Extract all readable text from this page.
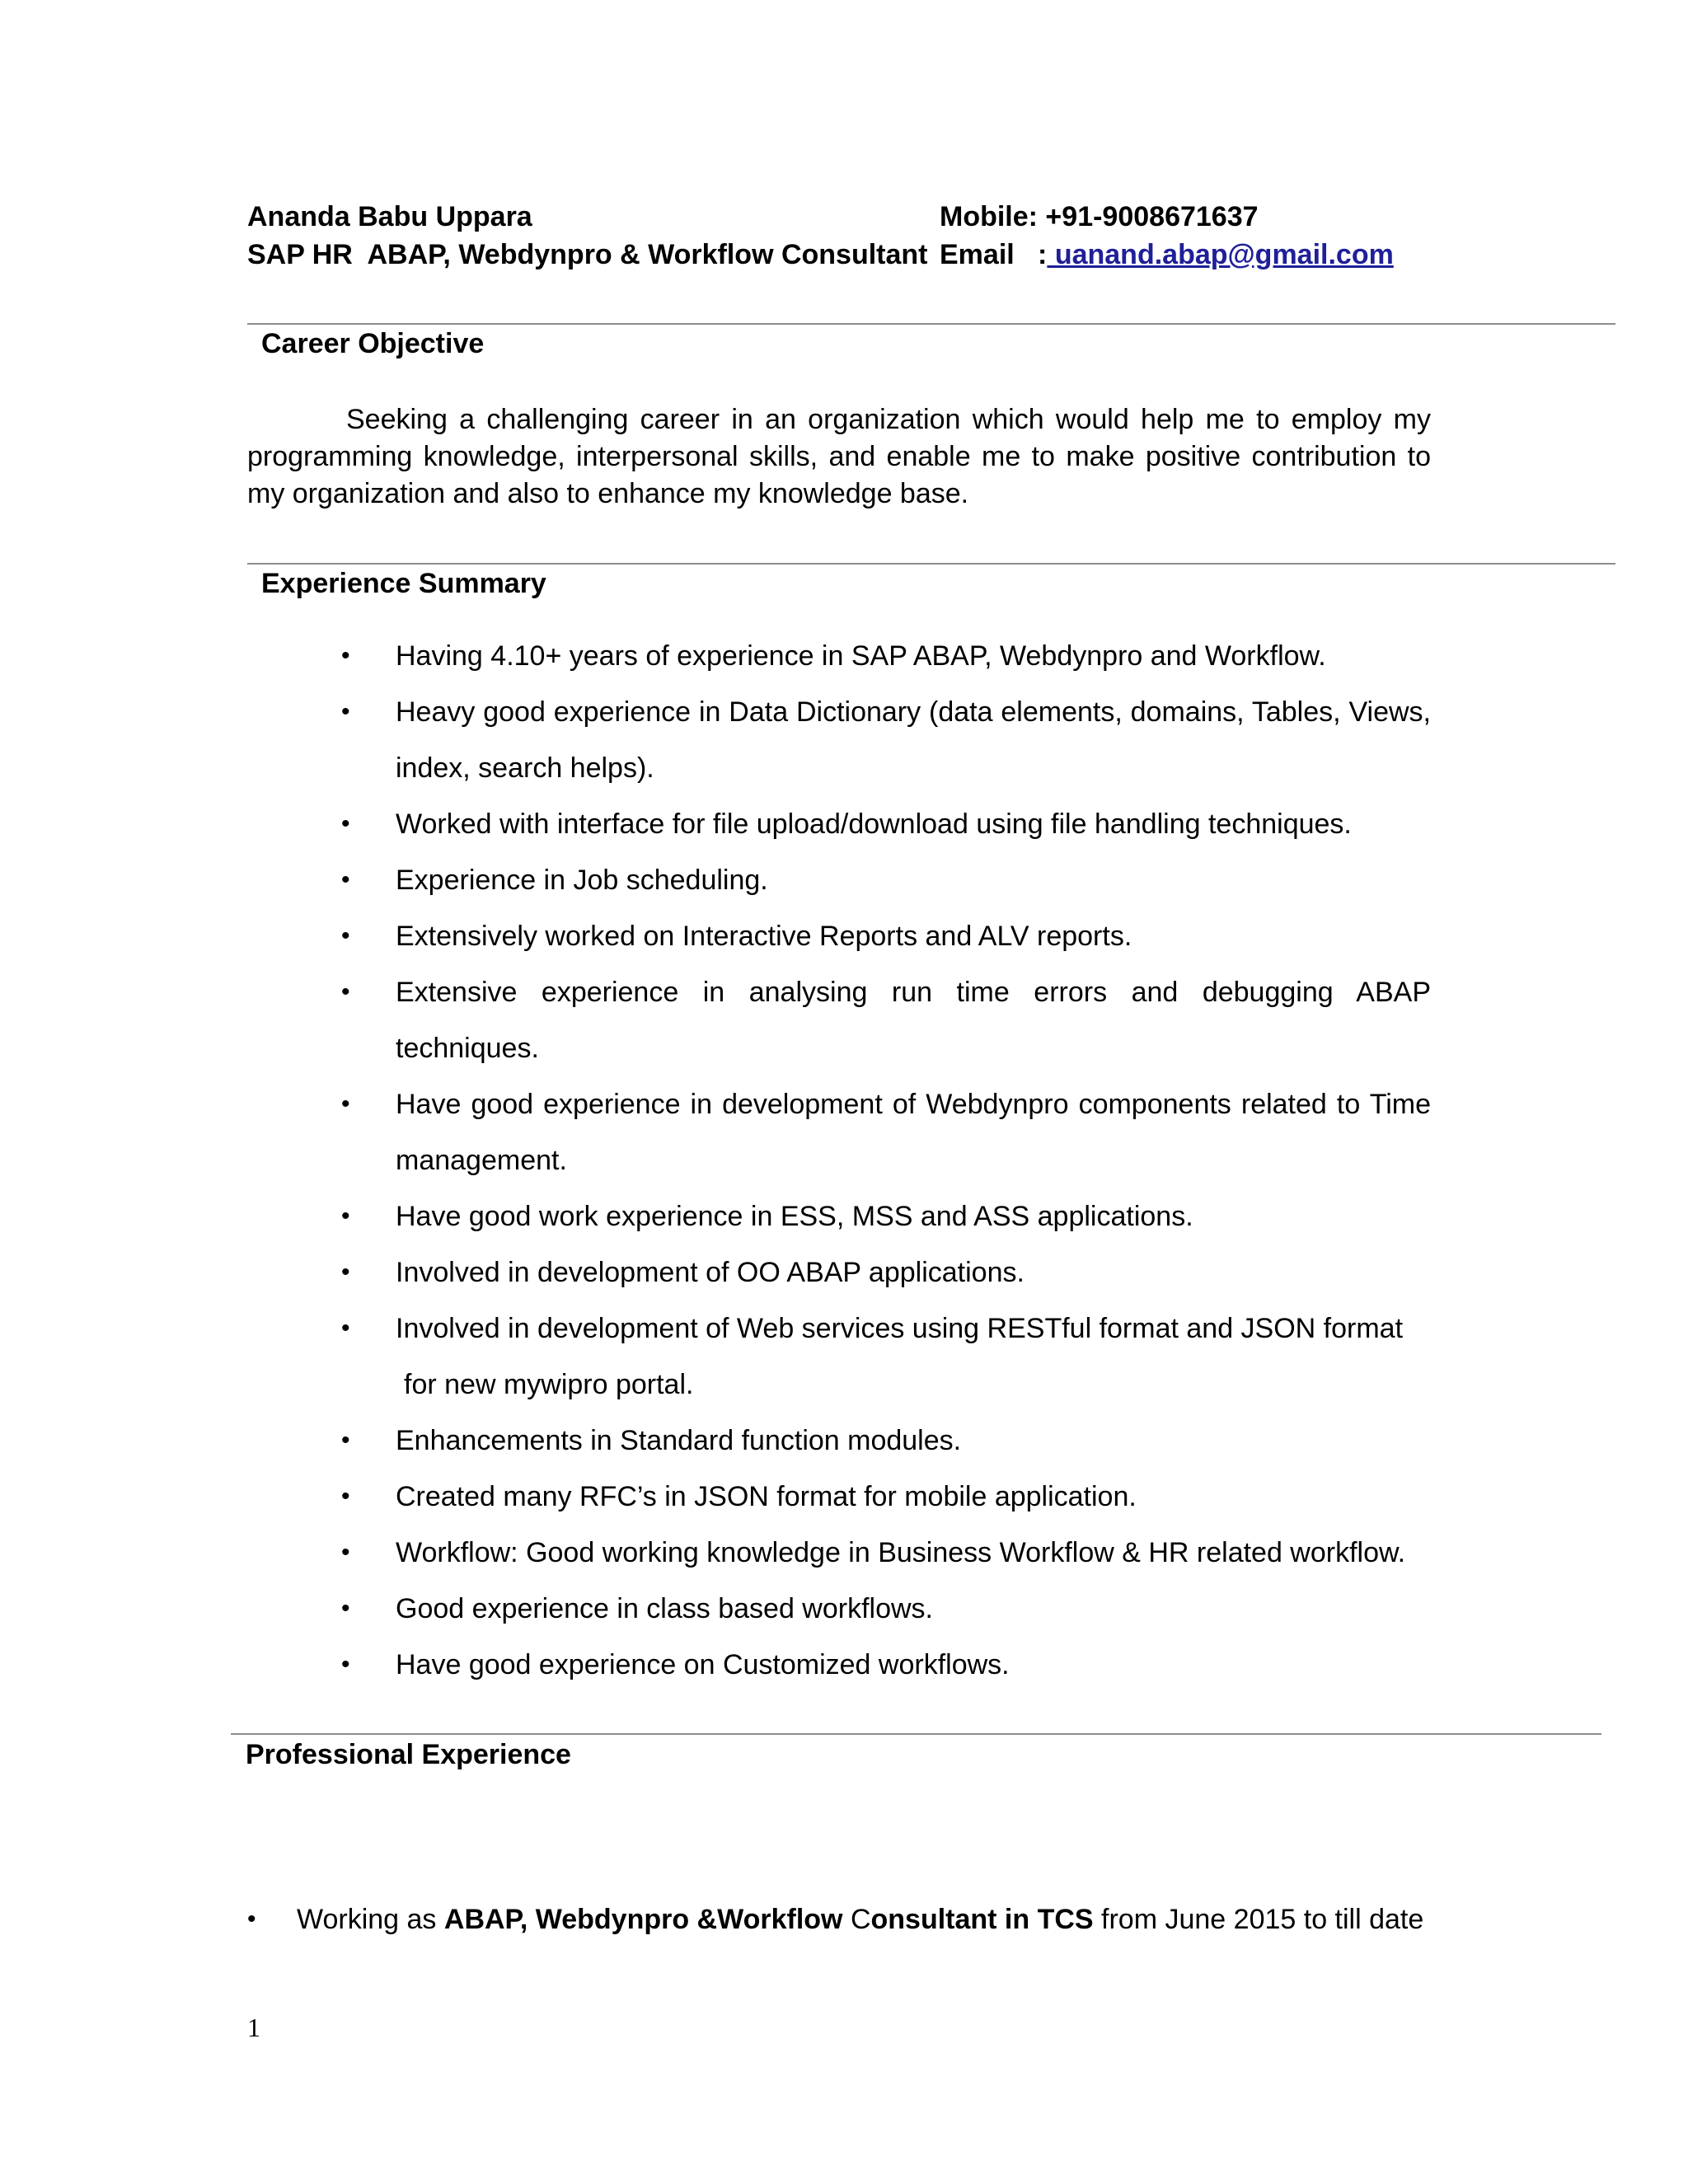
Ananda Babu Uppara
SAP HR  ABAP, Webdynpro & Workflow Consultant
Mobile: +91-9008671637
Email   : uanand.abap@gmail.com
Career Objective

Seeking a challenging career in an organization which would help me to employ my programming knowledge, interpersonal skills, and enable me to make positive contribution to my organization and also to enhance my knowledge base.

Experience Summary
• Having 4.10+ years of experience in SAP ABAP, Webdynpro and Workflow.
• Heavy good experience in Data Dictionary (data elements, domains, Tables, Views, index, search helps).
• Worked with interface for file upload/download using file handling techniques.
• Experience in Job scheduling.
• Extensively worked on Interactive Reports and ALV reports.
• Extensive experience in analysing run time errors and debugging ABAP techniques.
• Have good experience in development of Webdynpro components related to Time management.
• Have good work experience in ESS, MSS and ASS applications.
• Involved in development of OO ABAP applications.
• Involved in development of Web services using RESTful format and JSON format
for new mywipro portal.
• Enhancements in Standard function modules.
• Created many RFC’s in JSON format for mobile application.
• Workflow: Good working knowledge in Business Workflow & HR related workflow.
• Good experience in class based workflows.
• Have good experience on Customized workflows.
Professional Experience
• Working as ABAP, Webdynpro &Workflow Consultant in TCS from June 2015 to till date
1
